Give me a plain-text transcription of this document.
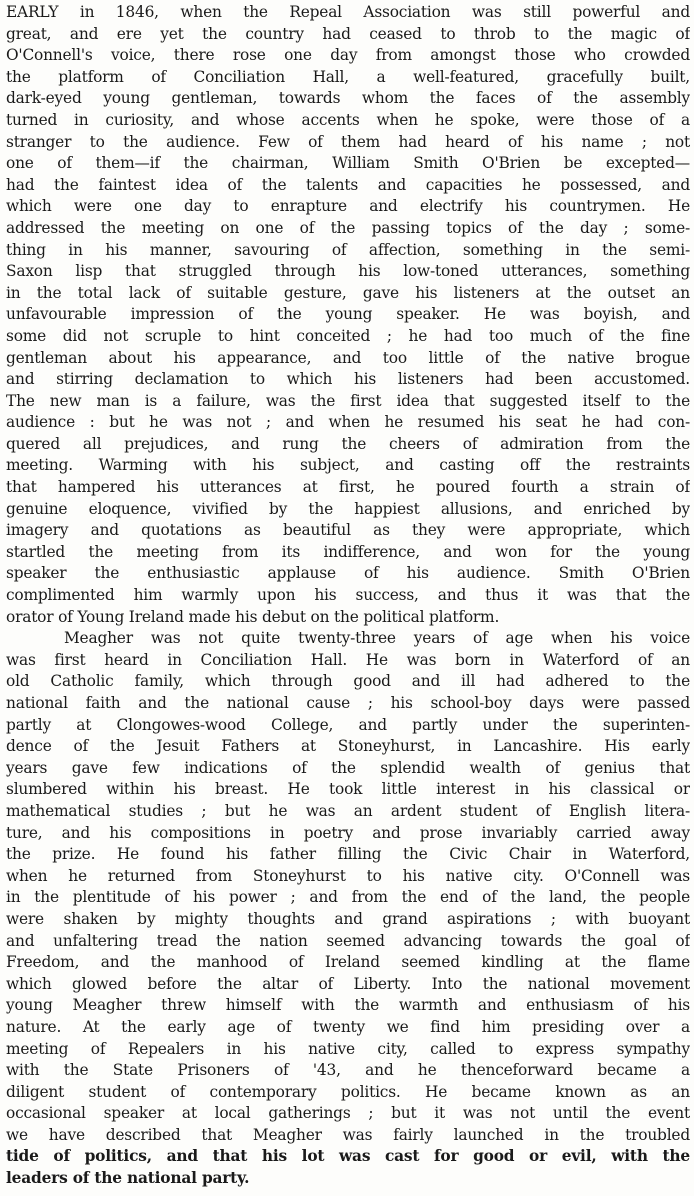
EARLY in 1846, when the Repeal Association was still powerful and
great, and ere yet the country had ceased to throb to the magic of
O'Connell's voice, there rose one day from amongst those who crowded
the platform of Conciliation Hall, a well-featured, gracefully built,
dark-eyed young gentleman, towards whom the faces of the assembly
turned in curiosity, and whose accents when he spoke, were those of a
stranger to the audience. Few of them had heard of his name ; not
one of them—if the chairman, William Smith O'Brien be excepted—
had the faintest idea of the talents and capacities he possessed, and
which were one day to enrapture and electrify his countrymen. He
addressed the meeting on one of the passing topics of the day ; some-
thing in his manner, savouring of affection, something in the semi-
Saxon lisp that struggled through his low-toned utterances, something
in the total lack of suitable gesture, gave his listeners at the outset an
unfavourable impression of the young speaker. He was boyish, and
some did not scruple to hint conceited ; he had too much of the fine
gentleman about his appearance, and too little of the native brogue
and stirring declamation to which his listeners had been accustomed.
The new man is a failure, was the first idea that suggested itself to the
audience : but he was not ; and when he resumed his seat he had con-
quered all prejudices, and rung the cheers of admiration from the
meeting. Warming with his subject, and casting off the restraints
that hampered his utterances at first, he poured fourth a strain of
genuine eloquence, vivified by the happiest allusions, and enriched by
imagery and quotations as beautiful as they were appropriate, which
startled the meeting from its indifference, and won for the young
speaker the enthusiastic applause of his audience. Smith O'Brien
complimented him warmly upon his success, and thus it was that the
orator of Young Ireland made his debut on the political platform.
Meagher was not quite twenty-three years of age when his voice
was first heard in Conciliation Hall. He was born in Waterford of an
old Catholic family, which through good and ill had adhered to the
national faith and the national cause ; his school-boy days were passed
partly at Clongowes-wood College, and partly under the superinten-
dence of the Jesuit Fathers at Stoneyhurst, in Lancashire. His early
years gave few indications of the splendid wealth of genius that
slumbered within his breast. He took little interest in his classical or
mathematical studies ; but he was an ardent student of English litera-
ture, and his compositions in poetry and prose invariably carried away
the prize. He found his father filling the Civic Chair in Waterford,
when he returned from Stoneyhurst to his native city. O'Connell was
in the plentitude of his power ; and from the end of the land, the people
were shaken by mighty thoughts and grand aspirations ; with buoyant
and unfaltering tread the nation seemed advancing towards the goal of
Freedom, and the manhood of Ireland seemed kindling at the flame
which glowed before the altar of Liberty. Into the national movement
young Meagher threw himself with the warmth and enthusiasm of his
nature. At the early age of twenty we find him presiding over a
meeting of Repealers in his native city, called to express sympathy
with the State Prisoners of '43, and he thenceforward became a
diligent student of contemporary politics. He became known as an
occasional speaker at local gatherings ; but it was not until the event
we have described that Meagher was fairly launched in the troubled
tide of politics, and that his lot was cast for good or evil, with the
leaders of the national party.
